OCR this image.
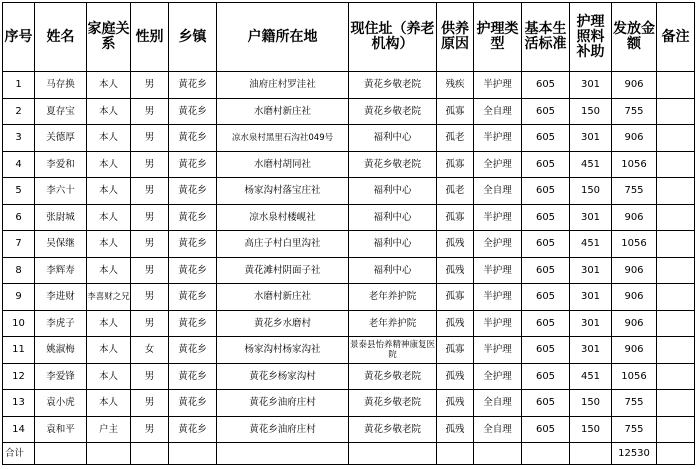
序号	姓名	家庭关系	性别	乡镇	户籍所在地	现住址（养老机构）	供养原因	护理类型	基本生活标准	护理照料补助	发放金额	备注
1	马存换	本人	男	黄花乡	油府庄村罗洼社	黄花乡敬老院	残疾	半护理	605	301	906	
2	夏存宝	本人	男	黄花乡	水磨村新庄社	黄花乡敬老院	孤寡	全自理	605	150	755	
3	关德厚	本人	男	黄花乡	凉水泉村黑里石沟社049号	福利中心	孤老	半护理	605	301	906	
4	李爱和	本人	男	黄花乡	水磨村胡同社	黄花乡敬老院	孤寡	全护理	605	451	1056	
5	李六十	本人	男	黄花乡	杨家沟村落宝庄社	福利中心	孤老	全自理	605	150	755	
6	张尉城	本人	男	黄花乡	凉水泉村楼岘社	福利中心	孤寡	半护理	605	301	906	
7	吴保继	本人	男	黄花乡	高庄子村白里沟社	福利中心	孤残	全护理	605	451	1056	
8	李辉寿	本人	男	黄花乡	黄花滩村阴面子社	福利中心	孤残	半护理	605	301	906	
9	李进财	李喜财之兄	男	黄花乡	水磨村新庄社	老年养护院	孤寡	半护理	605	301	906	
10	李虎子	本人	男	黄花乡	黄花乡水磨村	老年养护院	孤残	半护理	605	301	906	
11	姚淑梅	本人	女	黄花乡	杨家沟村杨家沟社	景泰县怡养精神康复医院	孤寡	半护理	605	301	906	
12	李爱锋	本人	男	黄花乡	黄花乡杨家沟村	黄花乡敬老院	孤残	全护理	605	451	1056	
13	袁小虎	本人	男	黄花乡	黄花乡油府庄村	黄花乡敬老院	孤残	全自理	605	150	755	
14	袁和平	户主	男	黄花乡	黄花乡油府庄村	黄花乡敬老院	孤残	全自理	605	150	755	
合计											12530	
